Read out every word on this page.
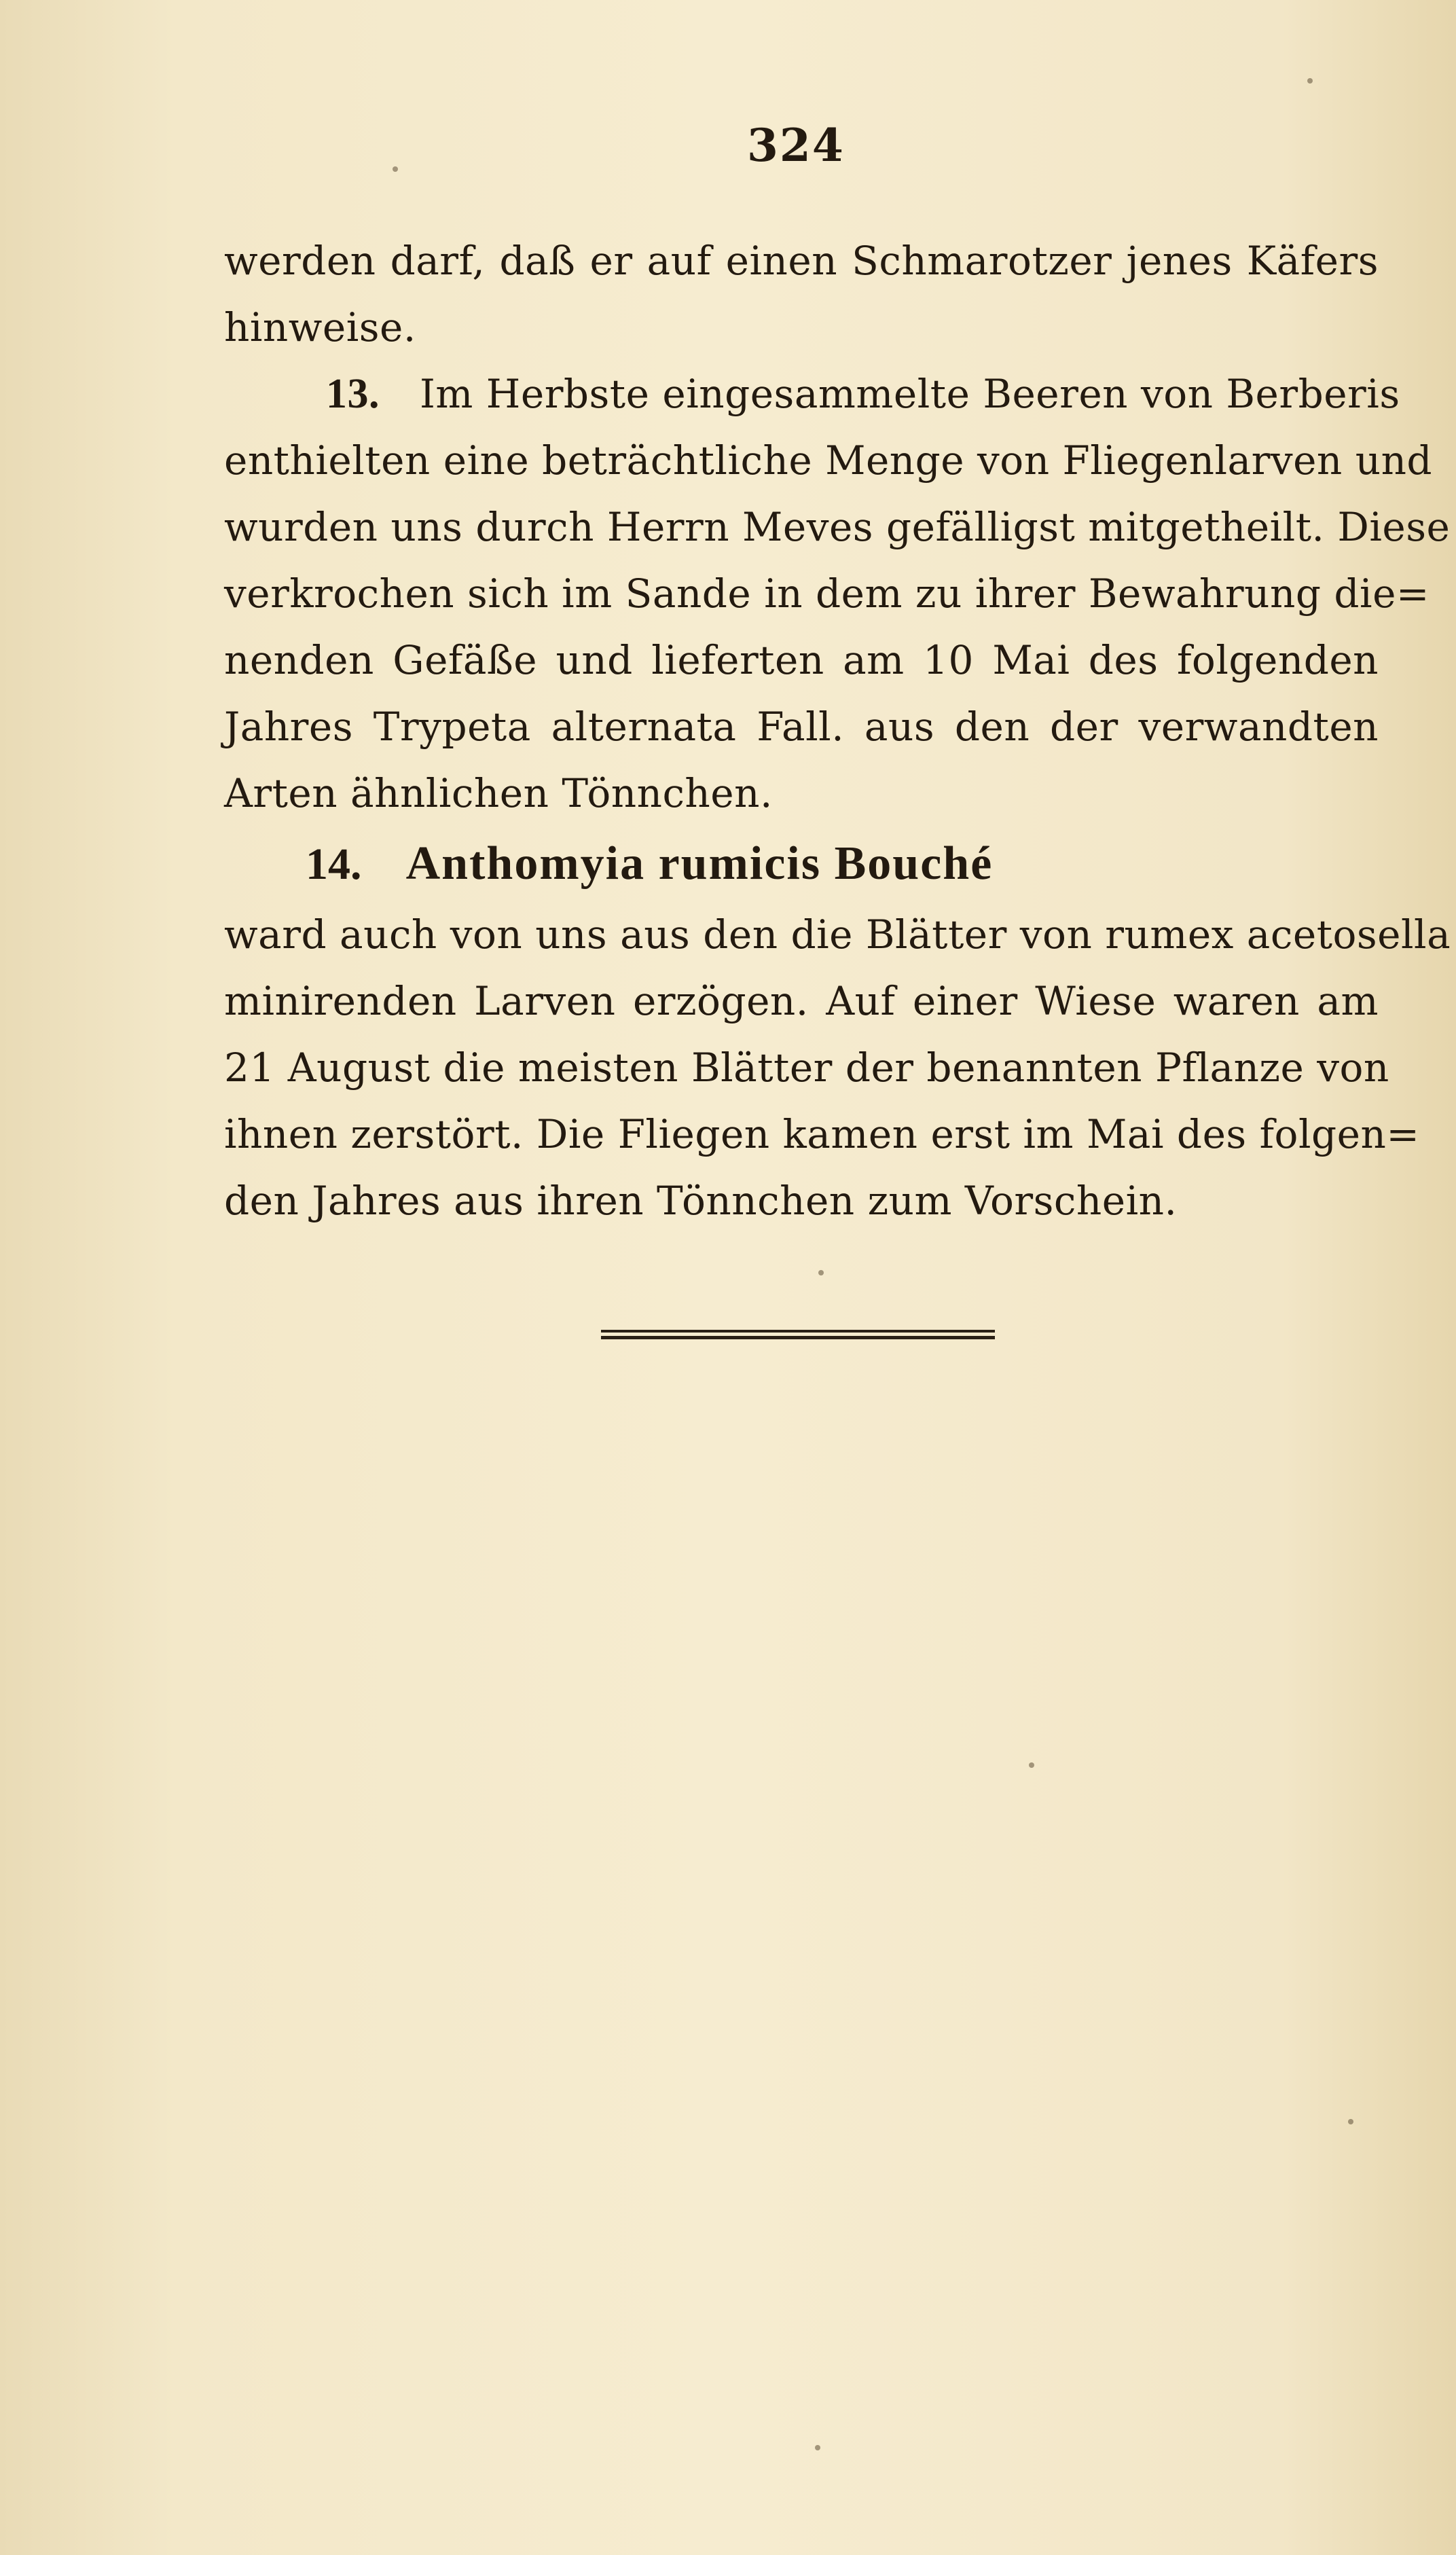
324
werden darf, daß er auf einen Schmarotzer jenes Käfers
hinweise.
13. Im Herbste eingesammelte Beeren von Berberis
enthielten eine beträchtliche Menge von Fliegenlarven und
wurden uns durch Herrn Meves gefälligst mitgetheilt. Diese
verkrochen sich im Sande in dem zu ihrer Bewahrung die=
nenden Gefäße und lieferten am 10 Mai des folgenden
Jahres Trypeta alternata Fall. aus den der verwandten
Arten ähnlichen Tönnchen.
14. Anthomyia rumicis Bouché
ward auch von uns aus den die Blätter von rumex acetosella
minirenden Larven erzögen. Auf einer Wiese waren am
21 August die meisten Blätter der benannten Pflanze von
ihnen zerstört. Die Fliegen kamen erst im Mai des folgen=
den Jahres aus ihren Tönnchen zum Vorschein.
